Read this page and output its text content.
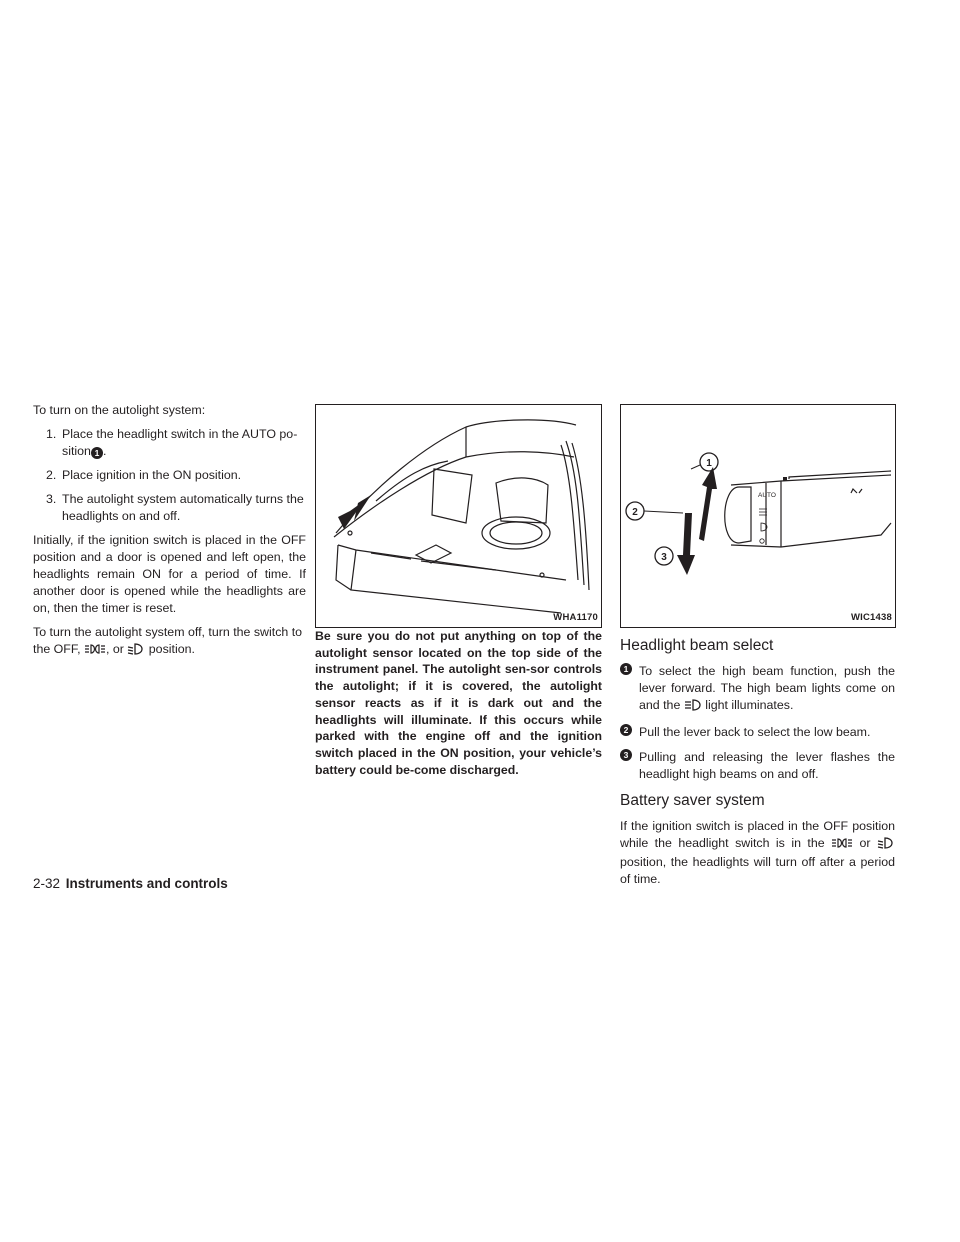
To turn on the autolight system:

1. Place the headlight switch in the AUTO po-sition 1 .
2. Place ignition in the ON position.
3. The autolight system automatically turns the headlights on and off.

Initially, if the ignition switch is placed in the OFF position and a door is opened and left open, the headlights remain ON for a period of time. If another door is opened while the headlights are on, then the timer is reset.

To turn the autolight system off, turn the switch to the OFF, , or position.

WHA1170

Be sure you do not put anything on top of the autolight sensor located on the top side of the instrument panel. The autolight sen-sor controls the autolight; if it is covered, the autolight sensor reacts as if it is dark out and the headlights will illuminate. If this occurs while parked with the engine off and the ignition switch placed in the ON position, your vehicle’s battery could be-come discharged.

AUTO
1
2
3
WIC1438
Headlight beam select
1 To select the high beam function, push the lever forward. The high beam lights come on and the light illuminates.
2 Pull the lever back to select the low beam.
3 Pulling and releasing the lever flashes the headlight high beams on and off.
Battery saver system

If the ignition switch is placed in the OFF position while the headlight switch is in the	or  position, the headlights will turn off after a period of time.

2-32 Instruments and controls
